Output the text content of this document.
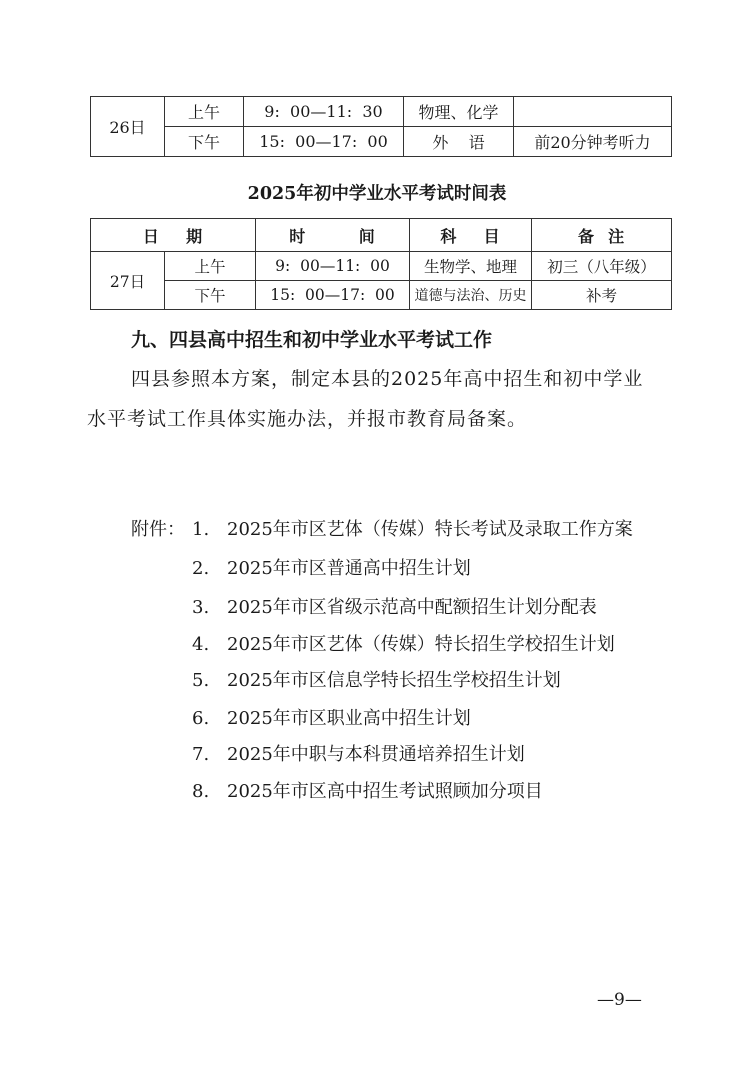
26日	上午	9:  00—11:  30	物理、化学	
	下午	15:  00—17:  00	外    语	前20分钟考听力
2025年初中学业水平考试时间表
日    期		时        间	科    目	备  注
27日	上午	9:  00—11:  00	生物学、地理	初三（八年级）
	下午	15:  00—17:  00	道德与法治、历史	补考
九、四县高中招生和初中学业水平考试工作
四县参照本方案，制定本县的2025年高中招生和初中学业
水平考试工作具体实施办法，并报市教育局备案。
附件： 1. 2025年市区艺体（传媒）特长考试及录取工作方案
2. 2025年市区普通高中招生计划
3. 2025年市区省级示范高中配额招生计划分配表
4. 2025年市区艺体（传媒）特长招生学校招生计划
5. 2025年市区信息学特长招生学校招生计划
6. 2025年市区职业高中招生计划
7. 2025年中职与本科贯通培养招生计划
8. 2025年市区高中招生考试照顾加分项目
—9—
